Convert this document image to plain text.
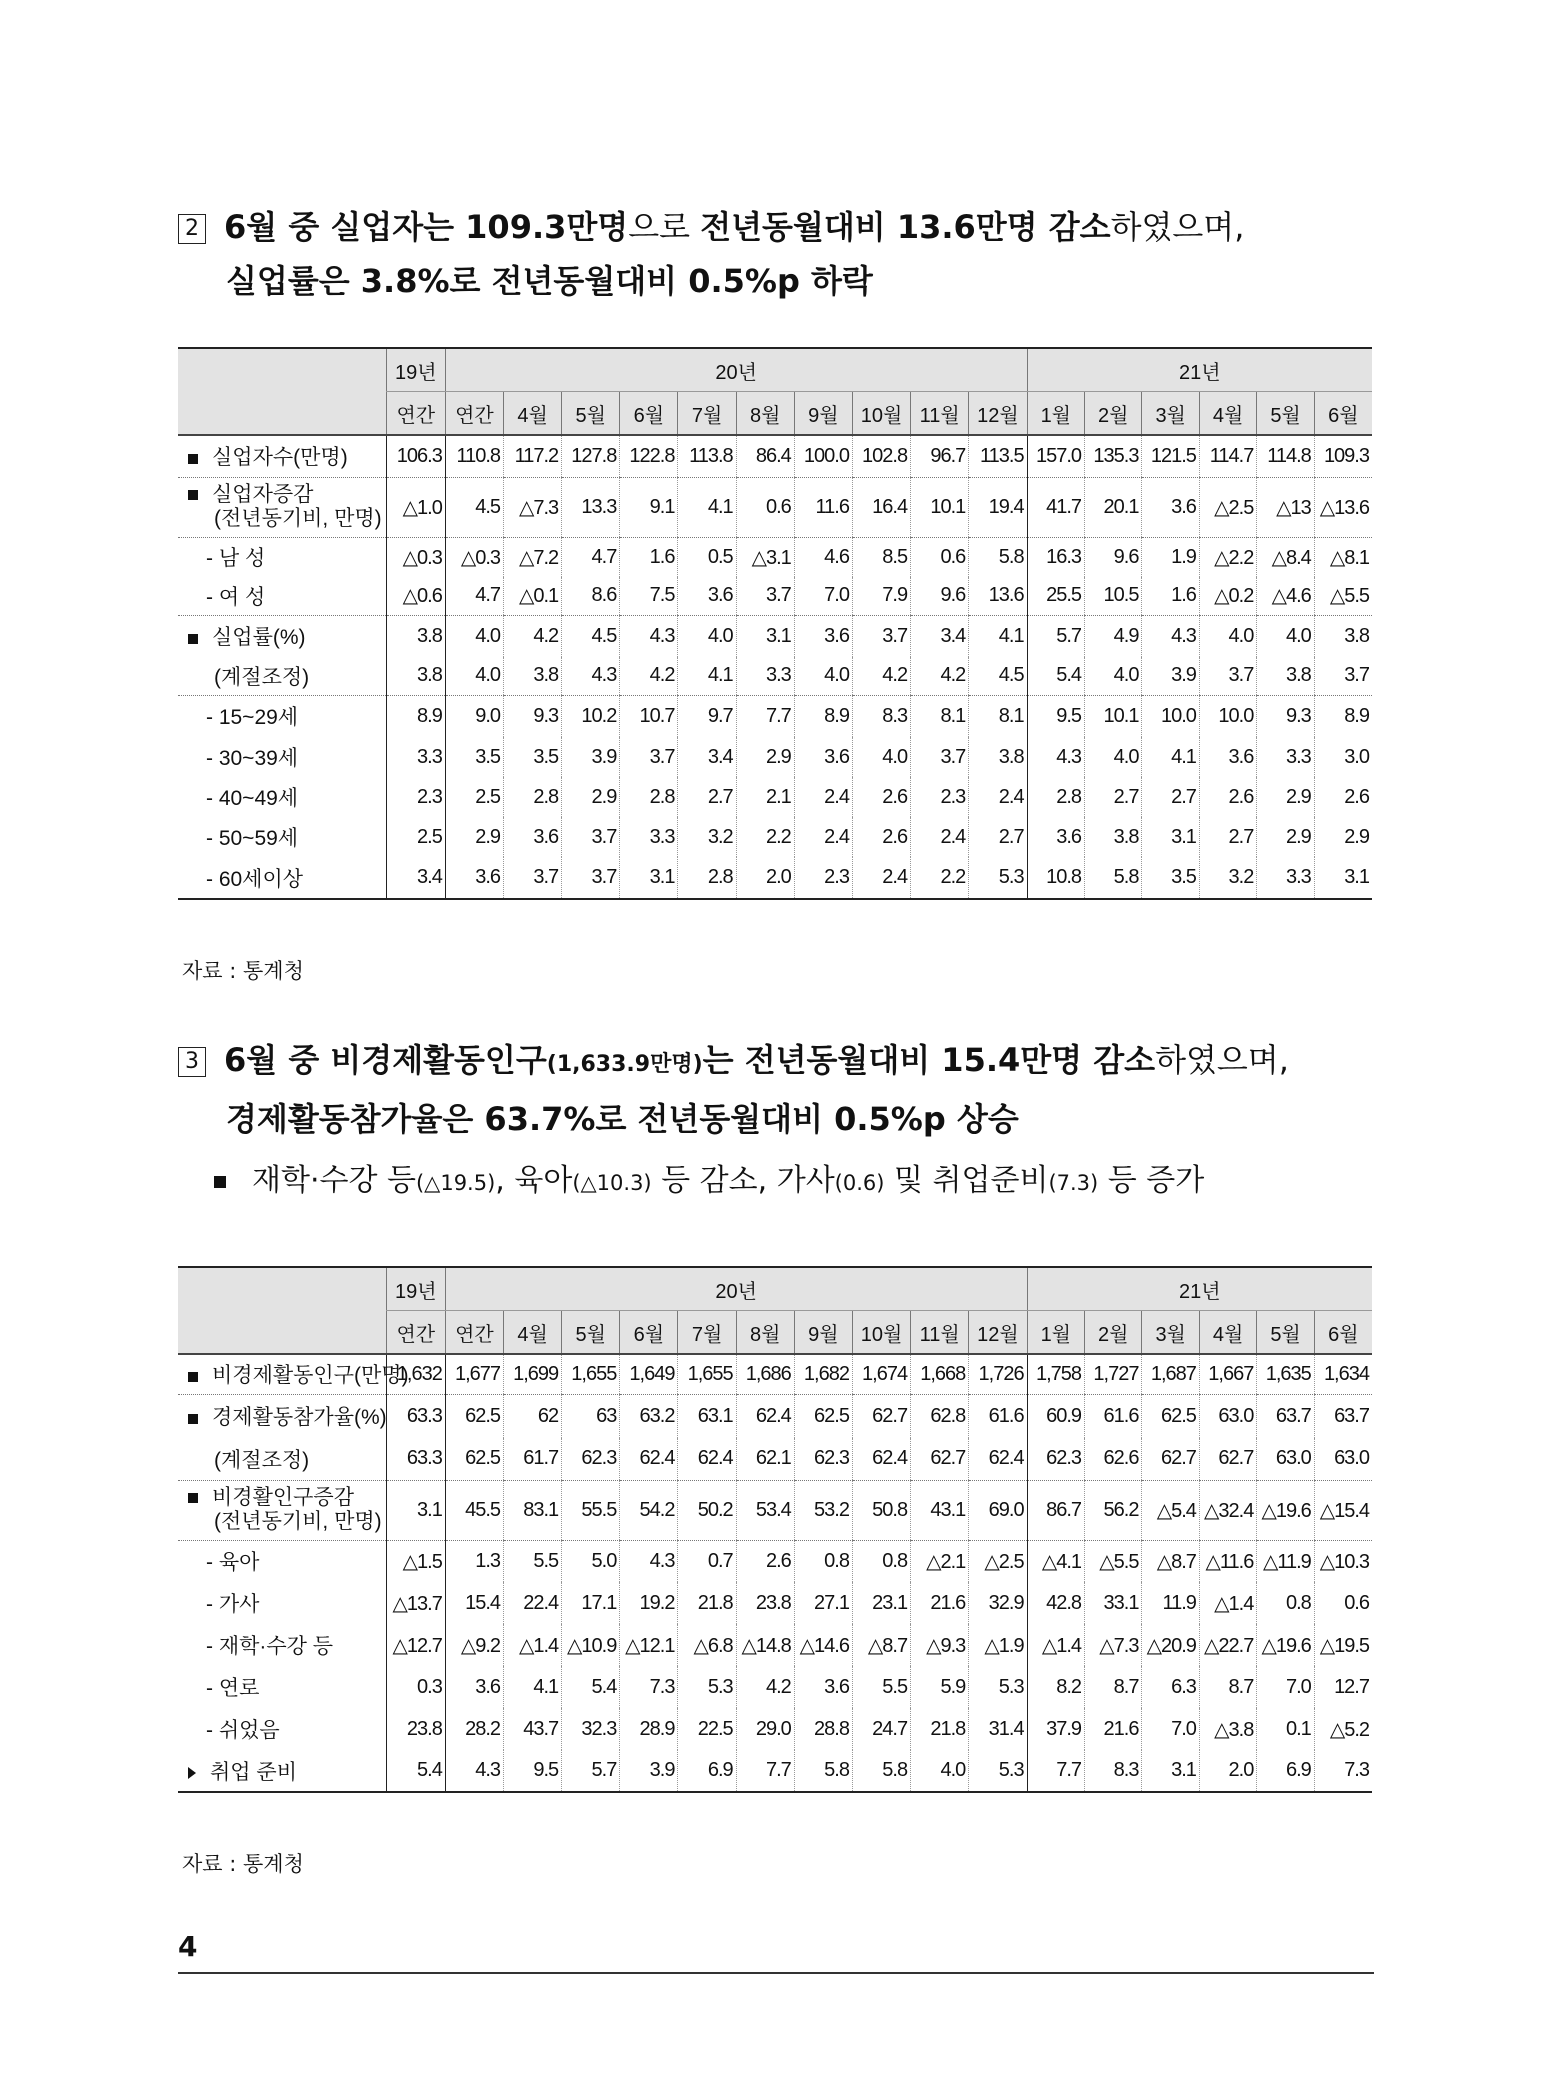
2 6월 중 실업자는 109.3만명으로 전년동월대비 13.6만명 감소하였으며,
실업률은 3.8%로 전년동월대비 0.5%p 하락
	19년	20년										21년					
	연간	연간	4월	5월	6월	7월	8월	9월	10월	11월	12월	1월	2월	3월	4월	5월	6월
실업자수(만명)	106.3	110.8	117.2	127.8	122.8	113.8	86.4	100.0	102.8	96.7	113.5	157.0	135.3	121.5	114.7	114.8	109.3
실업자증감
(전년동기비, 만명)	△1.0	4.5	△7.3	13.3	9.1	4.1	0.6	11.6	16.4	10.1	19.4	41.7	20.1	3.6	△2.5	△13	△13.6
- 남 성	△0.3	△0.3	△7.2	4.7	1.6	0.5	△3.1	4.6	8.5	0.6	5.8	16.3	9.6	1.9	△2.2	△8.4	△8.1
- 여 성	△0.6	4.7	△0.1	8.6	7.5	3.6	3.7	7.0	7.9	9.6	13.6	25.5	10.5	1.6	△0.2	△4.6	△5.5
실업률(%)	3.8	4.0	4.2	4.5	4.3	4.0	3.1	3.6	3.7	3.4	4.1	5.7	4.9	4.3	4.0	4.0	3.8
(계절조정)	3.8	4.0	3.8	4.3	4.2	4.1	3.3	4.0	4.2	4.2	4.5	5.4	4.0	3.9	3.7	3.8	3.7
- 15~29세	8.9	9.0	9.3	10.2	10.7	9.7	7.7	8.9	8.3	8.1	8.1	9.5	10.1	10.0	10.0	9.3	8.9
- 30~39세	3.3	3.5	3.5	3.9	3.7	3.4	2.9	3.6	4.0	3.7	3.8	4.3	4.0	4.1	3.6	3.3	3.0
- 40~49세	2.3	2.5	2.8	2.9	2.8	2.7	2.1	2.4	2.6	2.3	2.4	2.8	2.7	2.7	2.6	2.9	2.6
- 50~59세	2.5	2.9	3.6	3.7	3.3	3.2	2.2	2.4	2.6	2.4	2.7	3.6	3.8	3.1	2.7	2.9	2.9
- 60세이상	3.4	3.6	3.7	3.7	3.1	2.8	2.0	2.3	2.4	2.2	5.3	10.8	5.8	3.5	3.2	3.3	3.1
자료 : 통계청
3 6월 중 비경제활동인구(1,633.9만명)는 전년동월대비 15.4만명 감소하였으며,
경제활동참가율은 63.7%로 전년동월대비 0.5%p 상승
재학·수강 등(△19.5), 육아(△10.3) 등 감소, 가사(0.6) 및 취업준비(7.3) 등 증가
	19년	20년										21년					
	연간	연간	4월	5월	6월	7월	8월	9월	10월	11월	12월	1월	2월	3월	4월	5월	6월
비경제활동인구(만명)	1,632	1,677	1,699	1,655	1,649	1,655	1,686	1,682	1,674	1,668	1,726	1,758	1,727	1,687	1,667	1,635	1,634
경제활동참가율(%)	63.3	62.5	62	63	63.2	63.1	62.4	62.5	62.7	62.8	61.6	60.9	61.6	62.5	63.0	63.7	63.7
(계절조정)	63.3	62.5	61.7	62.3	62.4	62.4	62.1	62.3	62.4	62.7	62.4	62.3	62.6	62.7	62.7	63.0	63.0
비경활인구증감
(전년동기비, 만명)	3.1	45.5	83.1	55.5	54.2	50.2	53.4	53.2	50.8	43.1	69.0	86.7	56.2	△5.4	△32.4	△19.6	△15.4
- 육아	△1.5	1.3	5.5	5.0	4.3	0.7	2.6	0.8	0.8	△2.1	△2.5	△4.1	△5.5	△8.7	△11.6	△11.9	△10.3
- 가사	△13.7	15.4	22.4	17.1	19.2	21.8	23.8	27.1	23.1	21.6	32.9	42.8	33.1	11.9	△1.4	0.8	0.6
- 재학·수강 등	△12.7	△9.2	△1.4	△10.9	△12.1	△6.8	△14.8	△14.6	△8.7	△9.3	△1.9	△1.4	△7.3	△20.9	△22.7	△19.6	△19.5
- 연로	0.3	3.6	4.1	5.4	7.3	5.3	4.2	3.6	5.5	5.9	5.3	8.2	8.7	6.3	8.7	7.0	12.7
- 쉬었음	23.8	28.2	43.7	32.3	28.9	22.5	29.0	28.8	24.7	21.8	31.4	37.9	21.6	7.0	△3.8	0.1	△5.2
취업 준비	5.4	4.3	9.5	5.7	3.9	6.9	7.7	5.8	5.8	4.0	5.3	7.7	8.3	3.1	2.0	6.9	7.3
자료 : 통계청
4
